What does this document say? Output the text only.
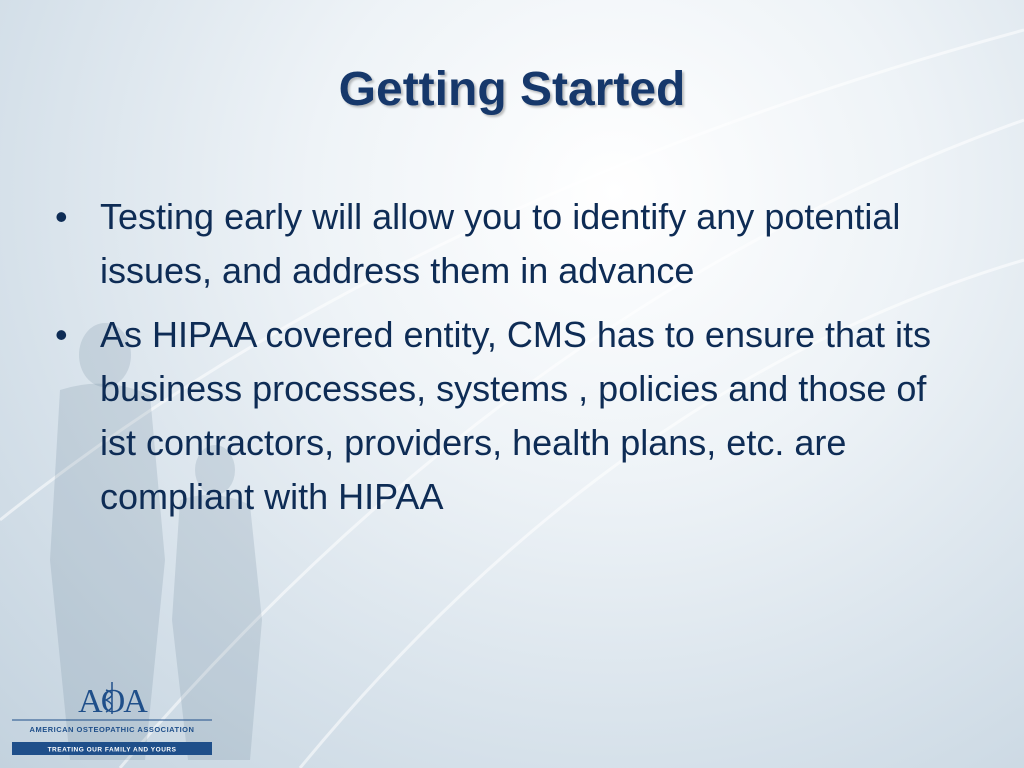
Getting Started
• Testing early will allow you to identify any potential issues, and address them in advance
• As HIPAA covered entity, CMS has to ensure that its business processes, systems , policies and those of ist contractors, providers, health plans, etc. are compliant with HIPAA
AOA
AMERICAN OSTEOPATHIC ASSOCIATION
TREATING OUR FAMILY AND YOURS
